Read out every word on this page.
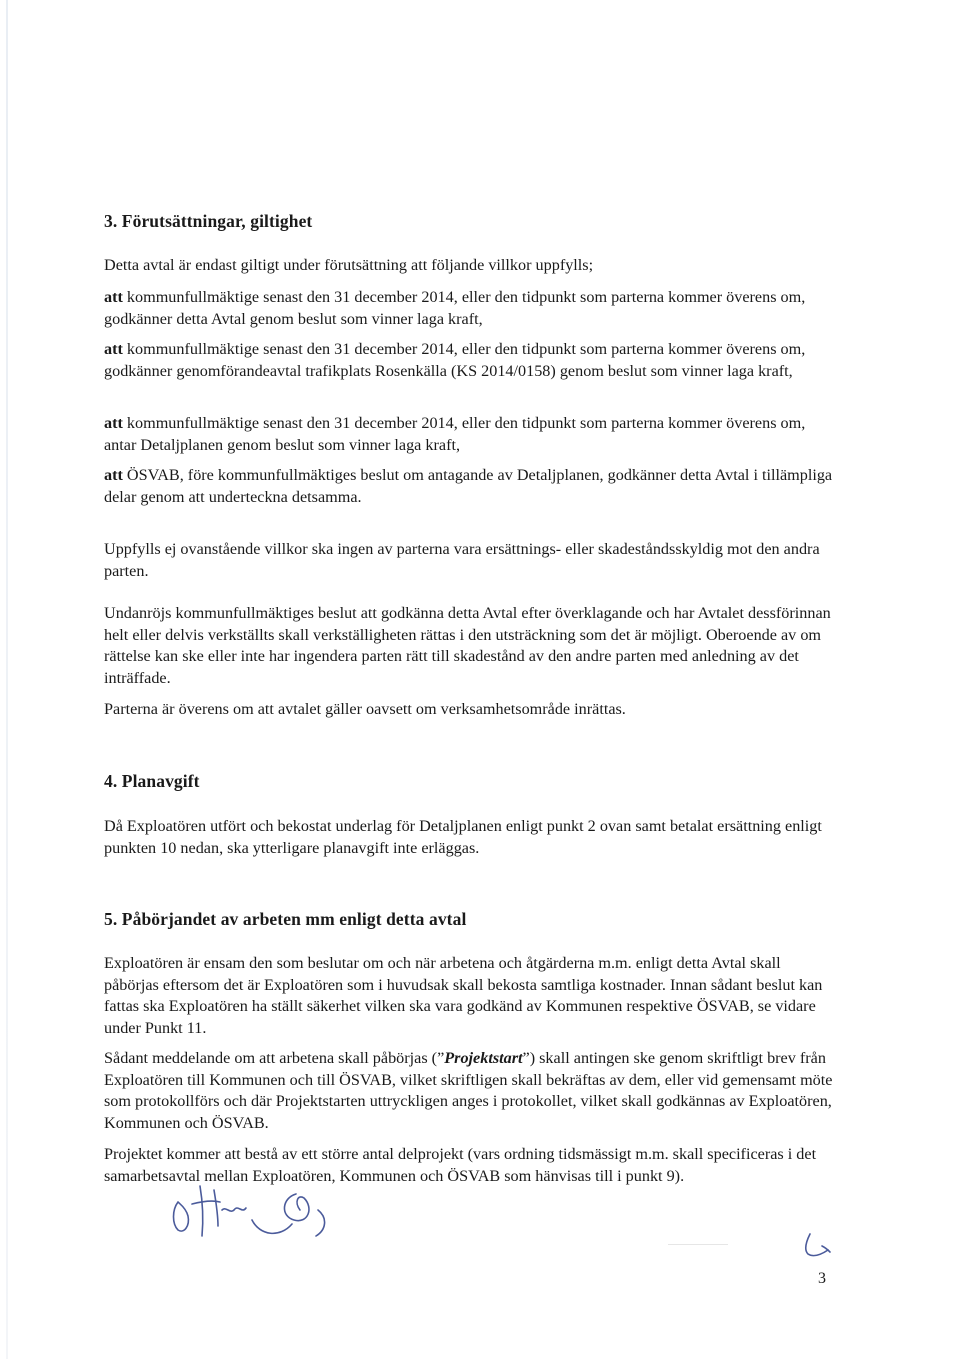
3. Förutsättningar, giltighet

Detta avtal är endast giltigt under förutsättning att följande villkor uppfylls;

att kommunfullmäktige senast den 31 december 2014, eller den tidpunkt som parterna kommer överens om, godkänner detta Avtal genom beslut som vinner laga kraft,

att kommunfullmäktige senast den 31 december 2014, eller den tidpunkt som parterna kommer överens om, godkänner genomförandeavtal trafikplats Rosenkälla (KS 2014/0158) genom beslut som vinner laga kraft,

att kommunfullmäktige senast den 31 december 2014, eller den tidpunkt som parterna kommer överens om, antar Detaljplanen genom beslut som vinner laga kraft,

att ÖSVAB, före kommunfullmäktiges beslut om antagande av Detaljplanen, godkänner detta Avtal i tillämpliga delar genom att underteckna detsamma.

Uppfylls ej ovanstående villkor ska ingen av parterna vara ersättnings- eller skadeståndsskyldig mot den andra parten.

Undanröjs kommunfullmäktiges beslut att godkänna detta Avtal efter överklagande och har Avtalet dessförinnan helt eller delvis verkställts skall verkställigheten rättas i den utsträckning som det är möjligt. Oberoende av om rättelse kan ske eller inte har ingendera parten rätt till skadestånd av den andre parten med anledning av det inträffade.

Parterna är överens om att avtalet gäller oavsett om verksamhetsområde inrättas.

4. Planavgift

Då Exploatören utfört och bekostat underlag för Detaljplanen enligt punkt 2 ovan samt betalat ersättning enligt punkten 10 nedan, ska ytterligare planavgift inte erläggas.

5. Påbörjandet av arbeten mm enligt detta avtal

Exploatören är ensam den som beslutar om och när arbetena och åtgärderna m.m. enligt detta Avtal skall påbörjas eftersom det är Exploatören som i huvudsak skall bekosta samtliga kostnader. Innan sådant beslut kan fattas ska Exploatören ha ställt säkerhet vilken ska vara godkänd av Kommunen respektive ÖSVAB, se vidare under Punkt 11.

Sådant meddelande om att arbetena skall påbörjas (”Projektstart”) skall antingen ske genom skriftligt brev från Exploatören till Kommunen och till ÖSVAB, vilket skriftligen skall bekräftas av dem, eller vid gemensamt möte som protokollförs och där Projektstarten uttryckligen anges i protokollet, vilket skall godkännas av Exploatören, Kommunen och ÖSVAB.

Projektet kommer att bestå av ett större antal delprojekt (vars ordning tidsmässigt m.m. skall specificeras i det samarbetsavtal mellan Exploatören, Kommunen och ÖSVAB som hänvisas till i punkt 9).

3
